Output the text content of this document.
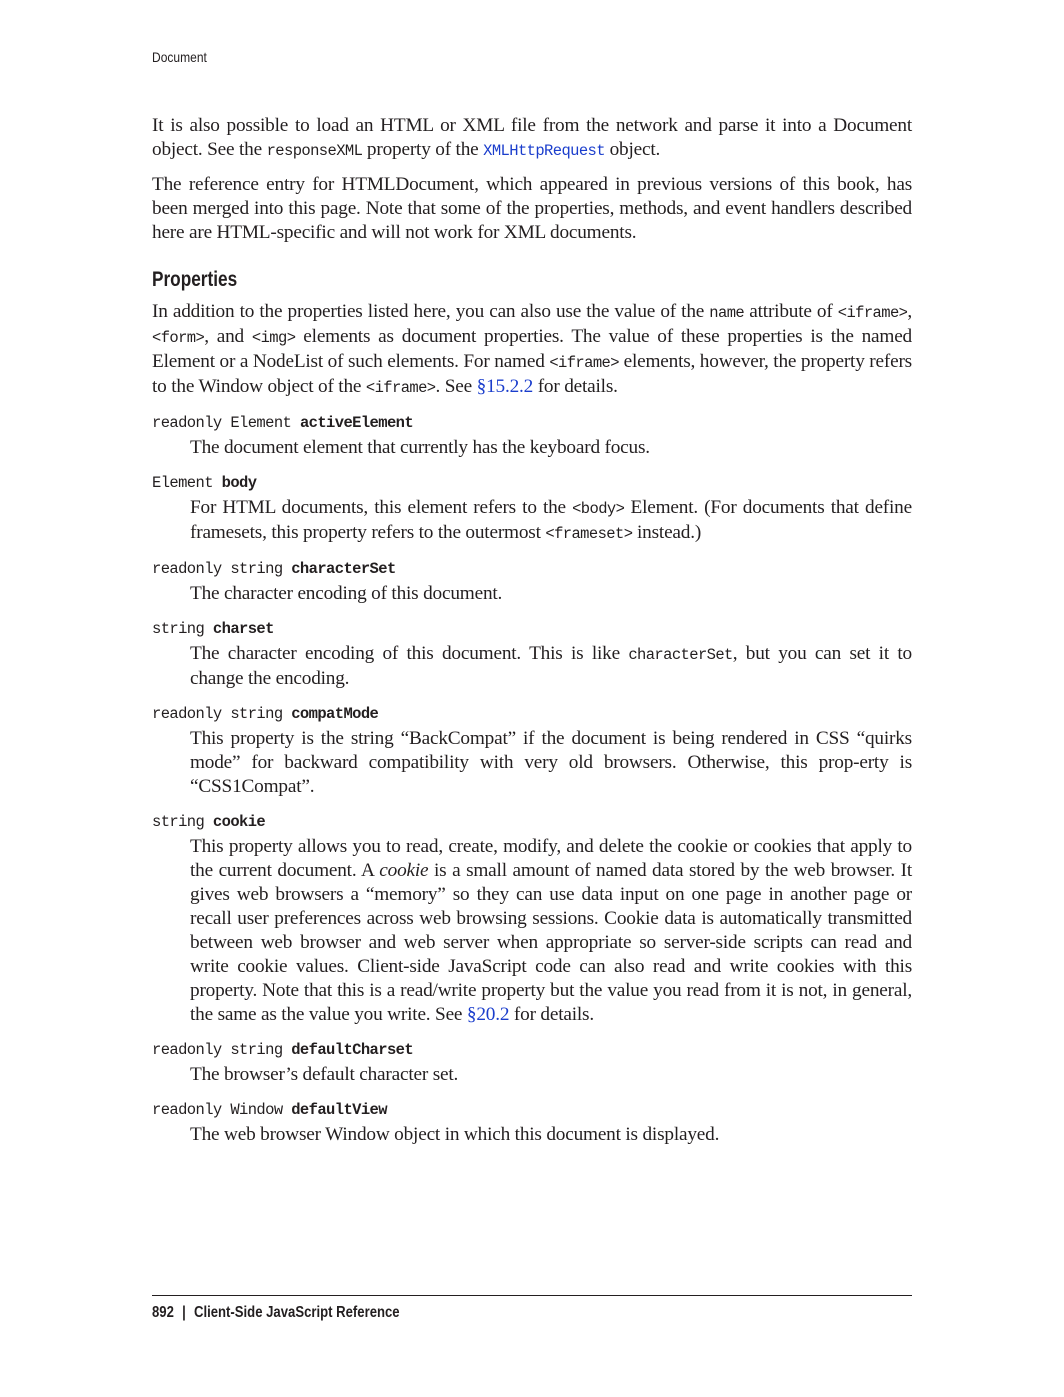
Document

It is also possible to load an HTML or XML file from the network and parse it into a Document object. See the responseXML property of the XMLHttpRequest object.

The reference entry for HTMLDocument, which appeared in previous versions of this book, has been merged into this page. Note that some of the properties, methods, and event handlers described here are HTML-specific and will not work for XML documents.

Properties

In addition to the properties listed here, you can also use the value of the name attribute of <iframe>, <form>, and <img> elements as document properties. The value of these properties is the named Element or a NodeList of such elements. For named <iframe> elements, however, the property refers to the Window object of the <iframe>. See §15.2.2 for details.

readonly Element activeElement

The document element that currently has the keyboard focus.

Element body

For HTML documents, this element refers to the <body> Element. (For documents that define framesets, this property refers to the outermost <frameset> instead.)

readonly string characterSet

The character encoding of this document.

string charset

The character encoding of this document. This is like characterSet, but you can set it to change the encoding.

readonly string compatMode

This property is the string “BackCompat” if the document is being rendered in CSS “quirks mode” for backward compatibility with very old browsers. Otherwise, this prop-erty is “CSS1Compat”.

string cookie

This property allows you to read, create, modify, and delete the cookie or cookies that apply to the current document. A cookie is a small amount of named data stored by the web browser. It gives web browsers a “memory” so they can use data input on one page in another page or recall user preferences across web browsing sessions. Cookie data is automatically transmitted between web browser and web server when appropriate so server-side scripts can read and write cookie values. Client-side JavaScript code can also read and write cookies with this property. Note that this is a read/write property but the value you read from it is not, in general, the same as the value you write. See §20.2 for details.

readonly string defaultCharset

The browser’s default character set.

readonly Window defaultView

The web browser Window object in which this document is displayed.

892 | Client-Side JavaScript Reference
